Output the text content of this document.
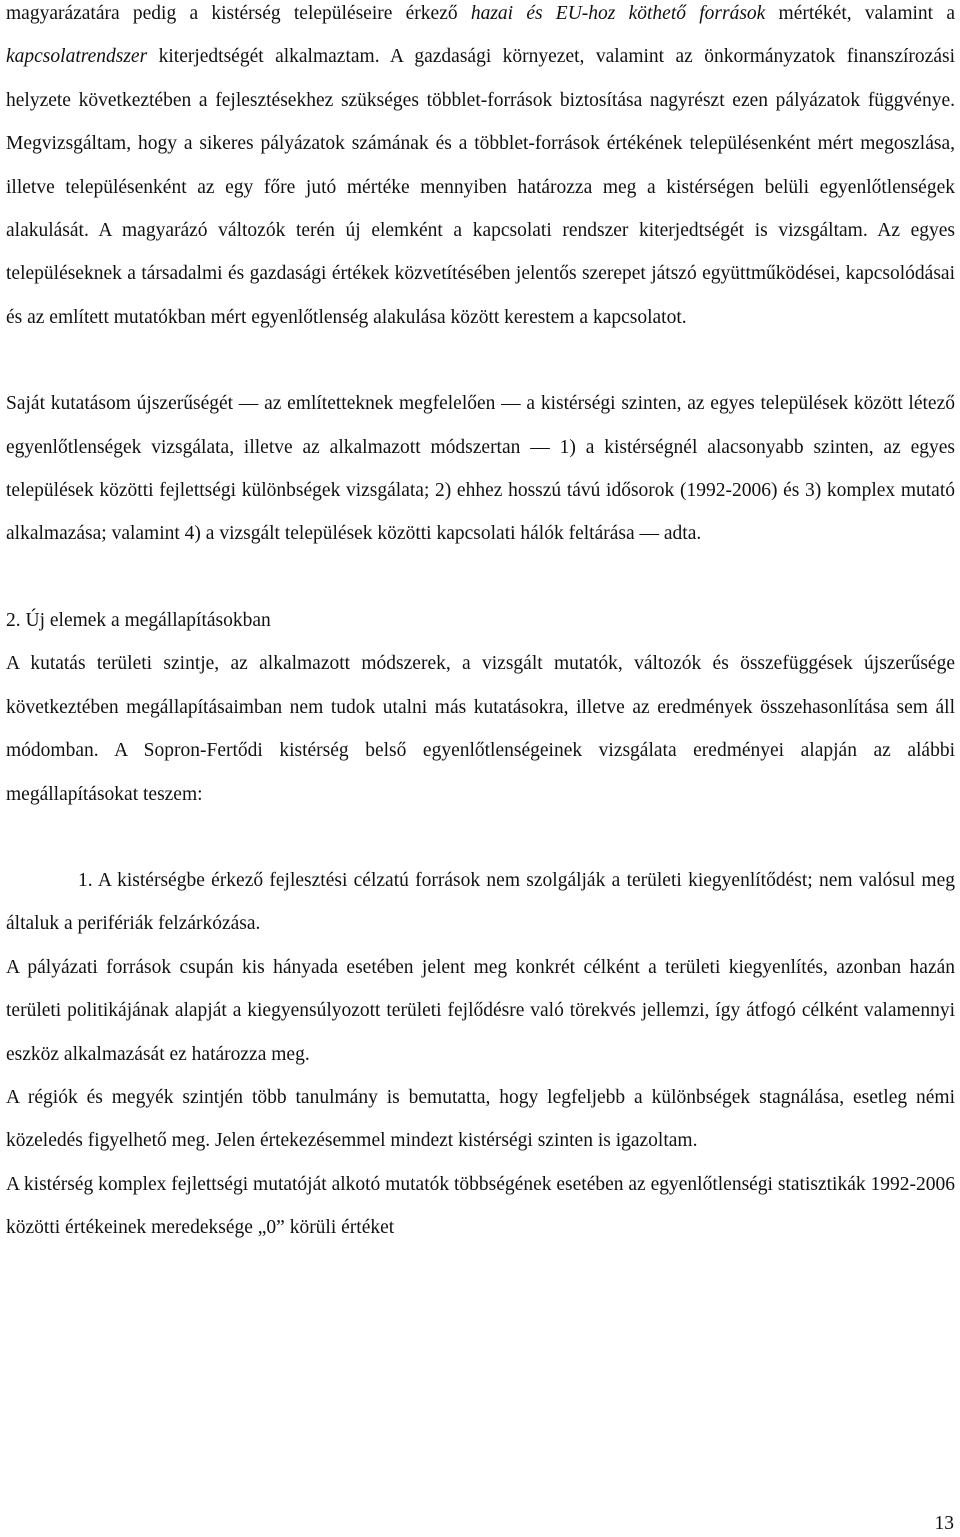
magyarázatára pedig a kistérség településeire érkező hazai és EU-hoz köthető források mértékét, valamint a kapcsolatrendszer kiterjedtségét alkalmaztam. A gazdasági környezet, valamint az önkormányzatok finanszírozási helyzete következtében a fejlesztésekhez szükséges többlet-források biztosítása nagyrészt ezen pályázatok függvénye. Megvizsgáltam, hogy a sikeres pályázatok számának és a többlet-források értékének településenként mért megoszlása, illetve településenként az egy főre jutó mértéke mennyiben határozza meg a kistérségen belüli egyenlőtlenségek alakulását. A magyarázó változók terén új elemként a kapcsolati rendszer kiterjedtségét is vizsgáltam. Az egyes településeknek a társadalmi és gazdasági értékek közvetítésében jelentős szerepet játszó együttműködései, kapcsolódásai és az említett mutatókban mért egyenlőtlenség alakulása között kerestem a kapcsolatot.

Saját kutatásom újszerűségét — az említetteknek megfelelően — a kistérségi szinten, az egyes települések között létező egyenlőtlenségek vizsgálata, illetve az alkalmazott módszertan — 1) a kistérségnél alacsonyabb szinten, az egyes települések közötti fejlettségi különbségek vizsgálata; 2) ehhez hosszú távú idősorok (1992-2006) és 3) komplex mutató alkalmazása; valamint 4) a vizsgált települések közötti kapcsolati hálók feltárása — adta.

2. Új elemek a megállapításokban

A kutatás területi szintje, az alkalmazott módszerek, a vizsgált mutatók, változók és összefüggések újszerűsége következtében megállapításaimban nem tudok utalni más kutatásokra, illetve az eredmények összehasonlítása sem áll módomban. A Sopron-Fertődi kistérség belső egyenlőtlenségeinek vizsgálata eredményei alapján az alábbi megállapításokat teszem:

1. A kistérségbe érkező fejlesztési célzatú források nem szolgálják a területi kiegyenlítődést; nem valósul meg általuk a perifériák felzárkózása.

A pályázati források csupán kis hányada esetében jelent meg konkrét célként a területi kiegyenlítés, azonban hazán területi politikájának alapját a kiegyensúlyozott területi fejlődésre való törekvés jellemzi, így átfogó célként valamennyi eszköz alkalmazását ez határozza meg.

A régiók és megyék szintjén több tanulmány is bemutatta, hogy legfeljebb a különbségek stagnálása, esetleg némi közeledés figyelhető meg. Jelen értekezésemmel mindezt kistérségi szinten is igazoltam.

A kistérség komplex fejlettségi mutatóját alkotó mutatók többségének esetében az egyenlőtlenségi statisztikák 1992-2006 közötti értékeinek meredeksége „0” körüli értéket

13
